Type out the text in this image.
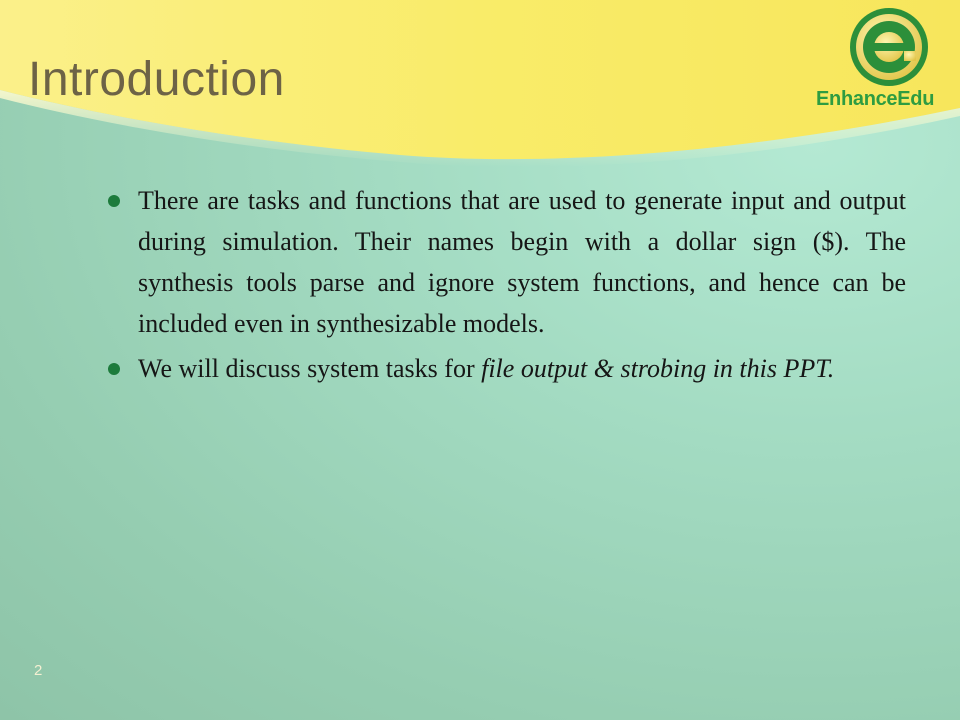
Introduction	EnhanceEdu
There are tasks and functions that are used to generate input and output during simulation. Their names begin with a dollar sign ($). The synthesis tools parse and ignore system functions, and hence can be included even in synthesizable models.
We will discuss system tasks for file output & strobing in this PPT.
2
